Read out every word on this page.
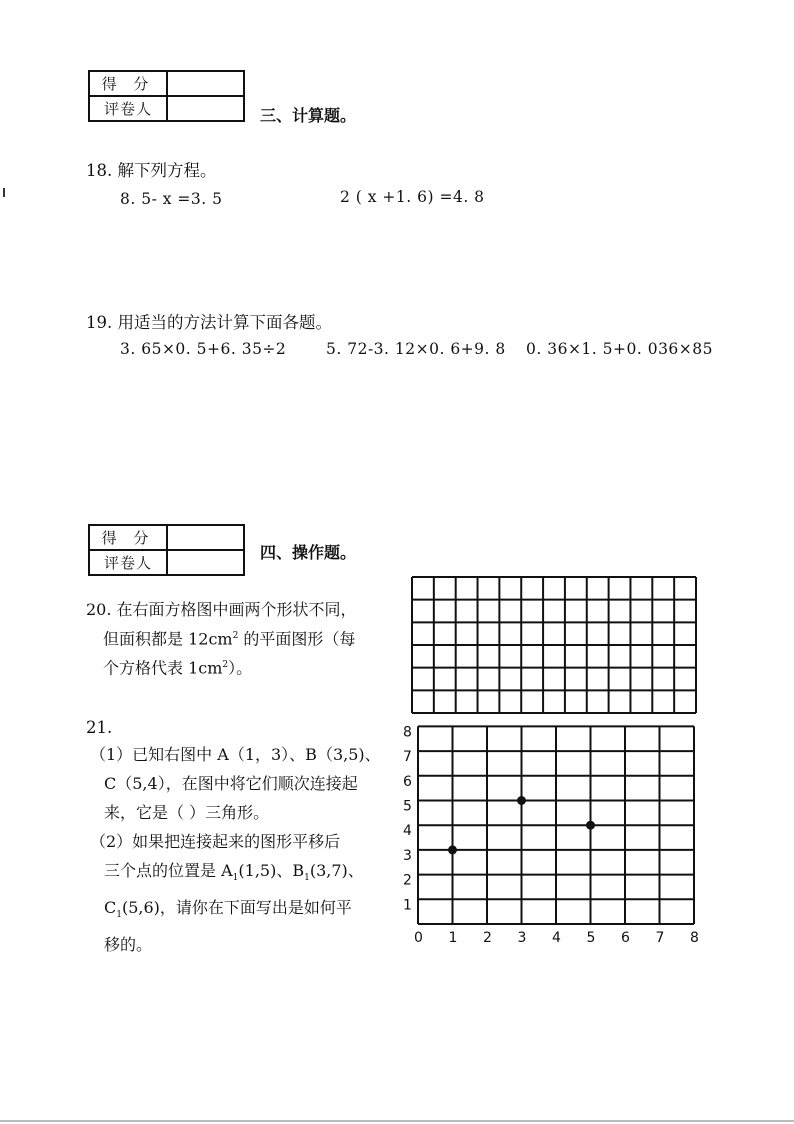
得 分	
评卷人		三、计算题。
18. 解下列方程。
8. 5- x =3. 5	2 ( x +1. 6) =4. 8
19. 用适当的方法计算下面各题。
3. 65×0. 5+6. 35÷2	5. 72-3. 12×0. 6+9. 8 0. 36×1. 5+0. 036×85
得 分	
评卷人	
四、操作题。
20. 在右面方格图中画两个形状不同，
但面积都是 $12cm^2$ 的平面图形（每
个方格代表 $1cm^2$）。
21.
（1）已知右图中 A（1，3）、B（3,5)、
C（5,4），在图中将它们顺次连接起
来，它是（ ）三角形。
（2）如果把连接起来的图形平移后
三个点的位置是 $A_1(1,5)$、$B_1(3,7)$、
$C_1(5,6)$，请你在下面写出是如何平
移的。	0 1 2 3 4 5 6 7 8
1
2
3
4
5
6
7
8
